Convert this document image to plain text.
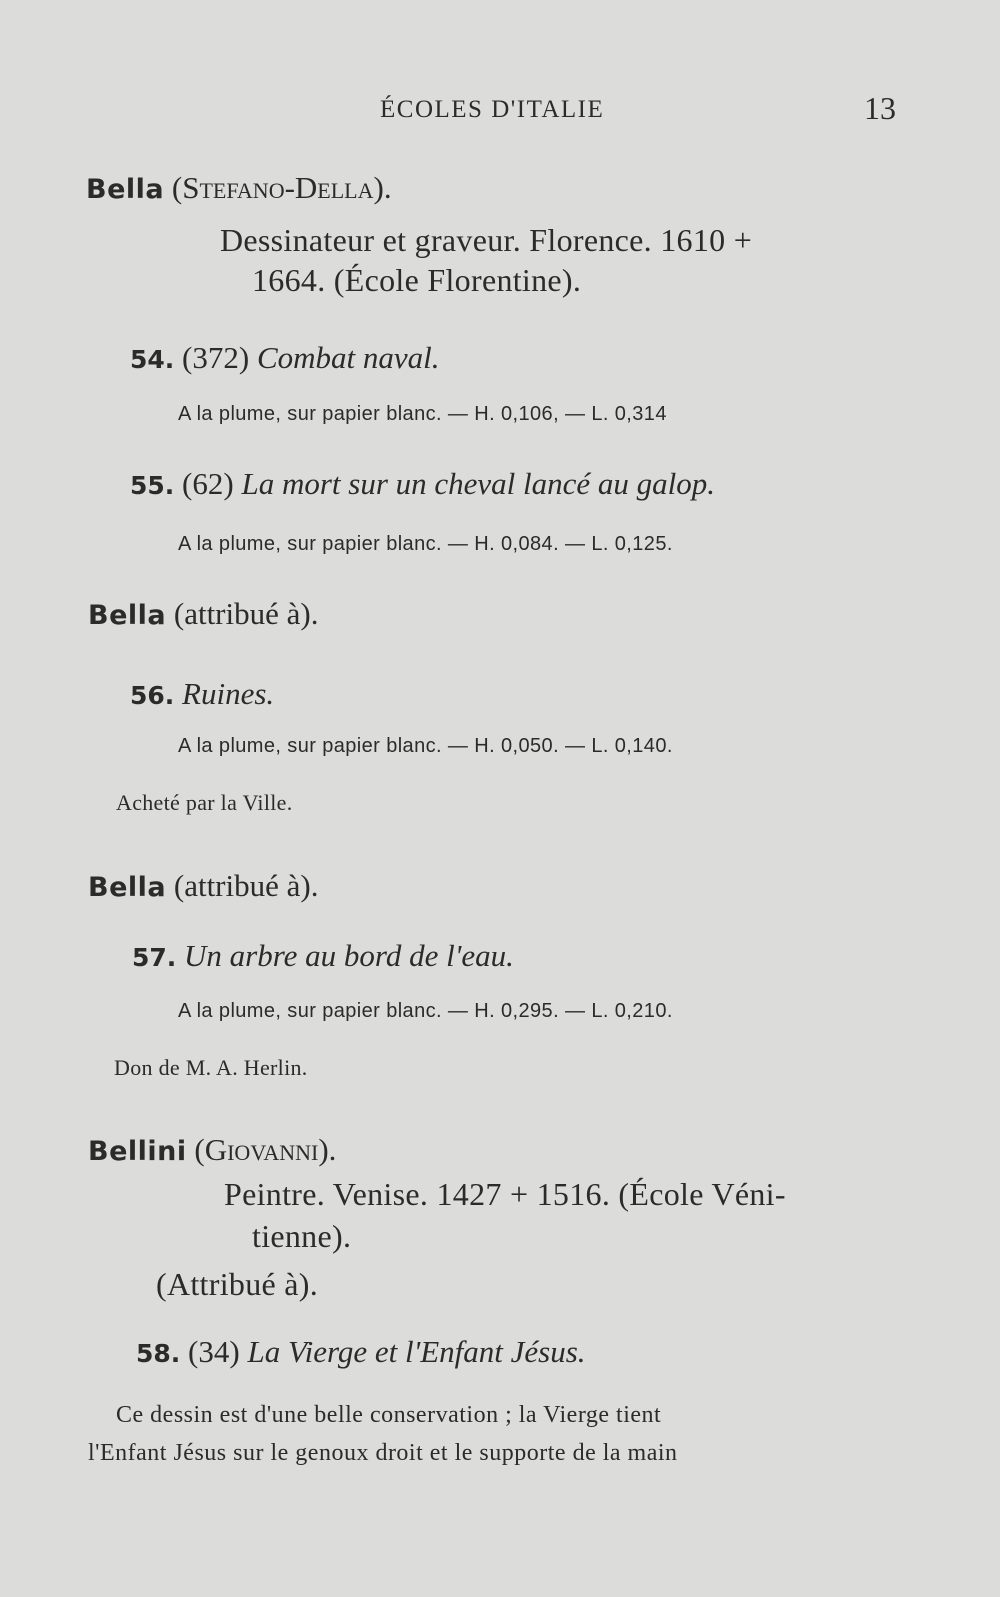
ÉCOLES D'ITALIE	13
Bella (Stefano-Della).
Dessinateur et graveur. Florence. 1610 +
1664. (École Florentine).
54. (372) Combat naval.
A la plume, sur papier blanc. — H. 0,106, — L. 0,314
55. (62) La mort sur un cheval lancé au galop.
A la plume, sur papier blanc. — H. 0,084. — L. 0,125.
Bella (attribué à).
56. Ruines.
A la plume, sur papier blanc. — H. 0,050. — L. 0,140.
Acheté par la Ville.
Bella (attribué à).
57. Un arbre au bord de l'eau.
A la plume, sur papier blanc. — H. 0,295. — L. 0,210.
Don de M. A. Herlin.
Bellini (Giovanni).
Peintre. Venise. 1427 + 1516. (École Véni-
tienne).
(Attribué à).
58. (34) La Vierge et l'Enfant Jésus.
Ce dessin est d'une belle conservation ; la Vierge tient
l'Enfant Jésus sur le genoux droit et le supporte de la main
